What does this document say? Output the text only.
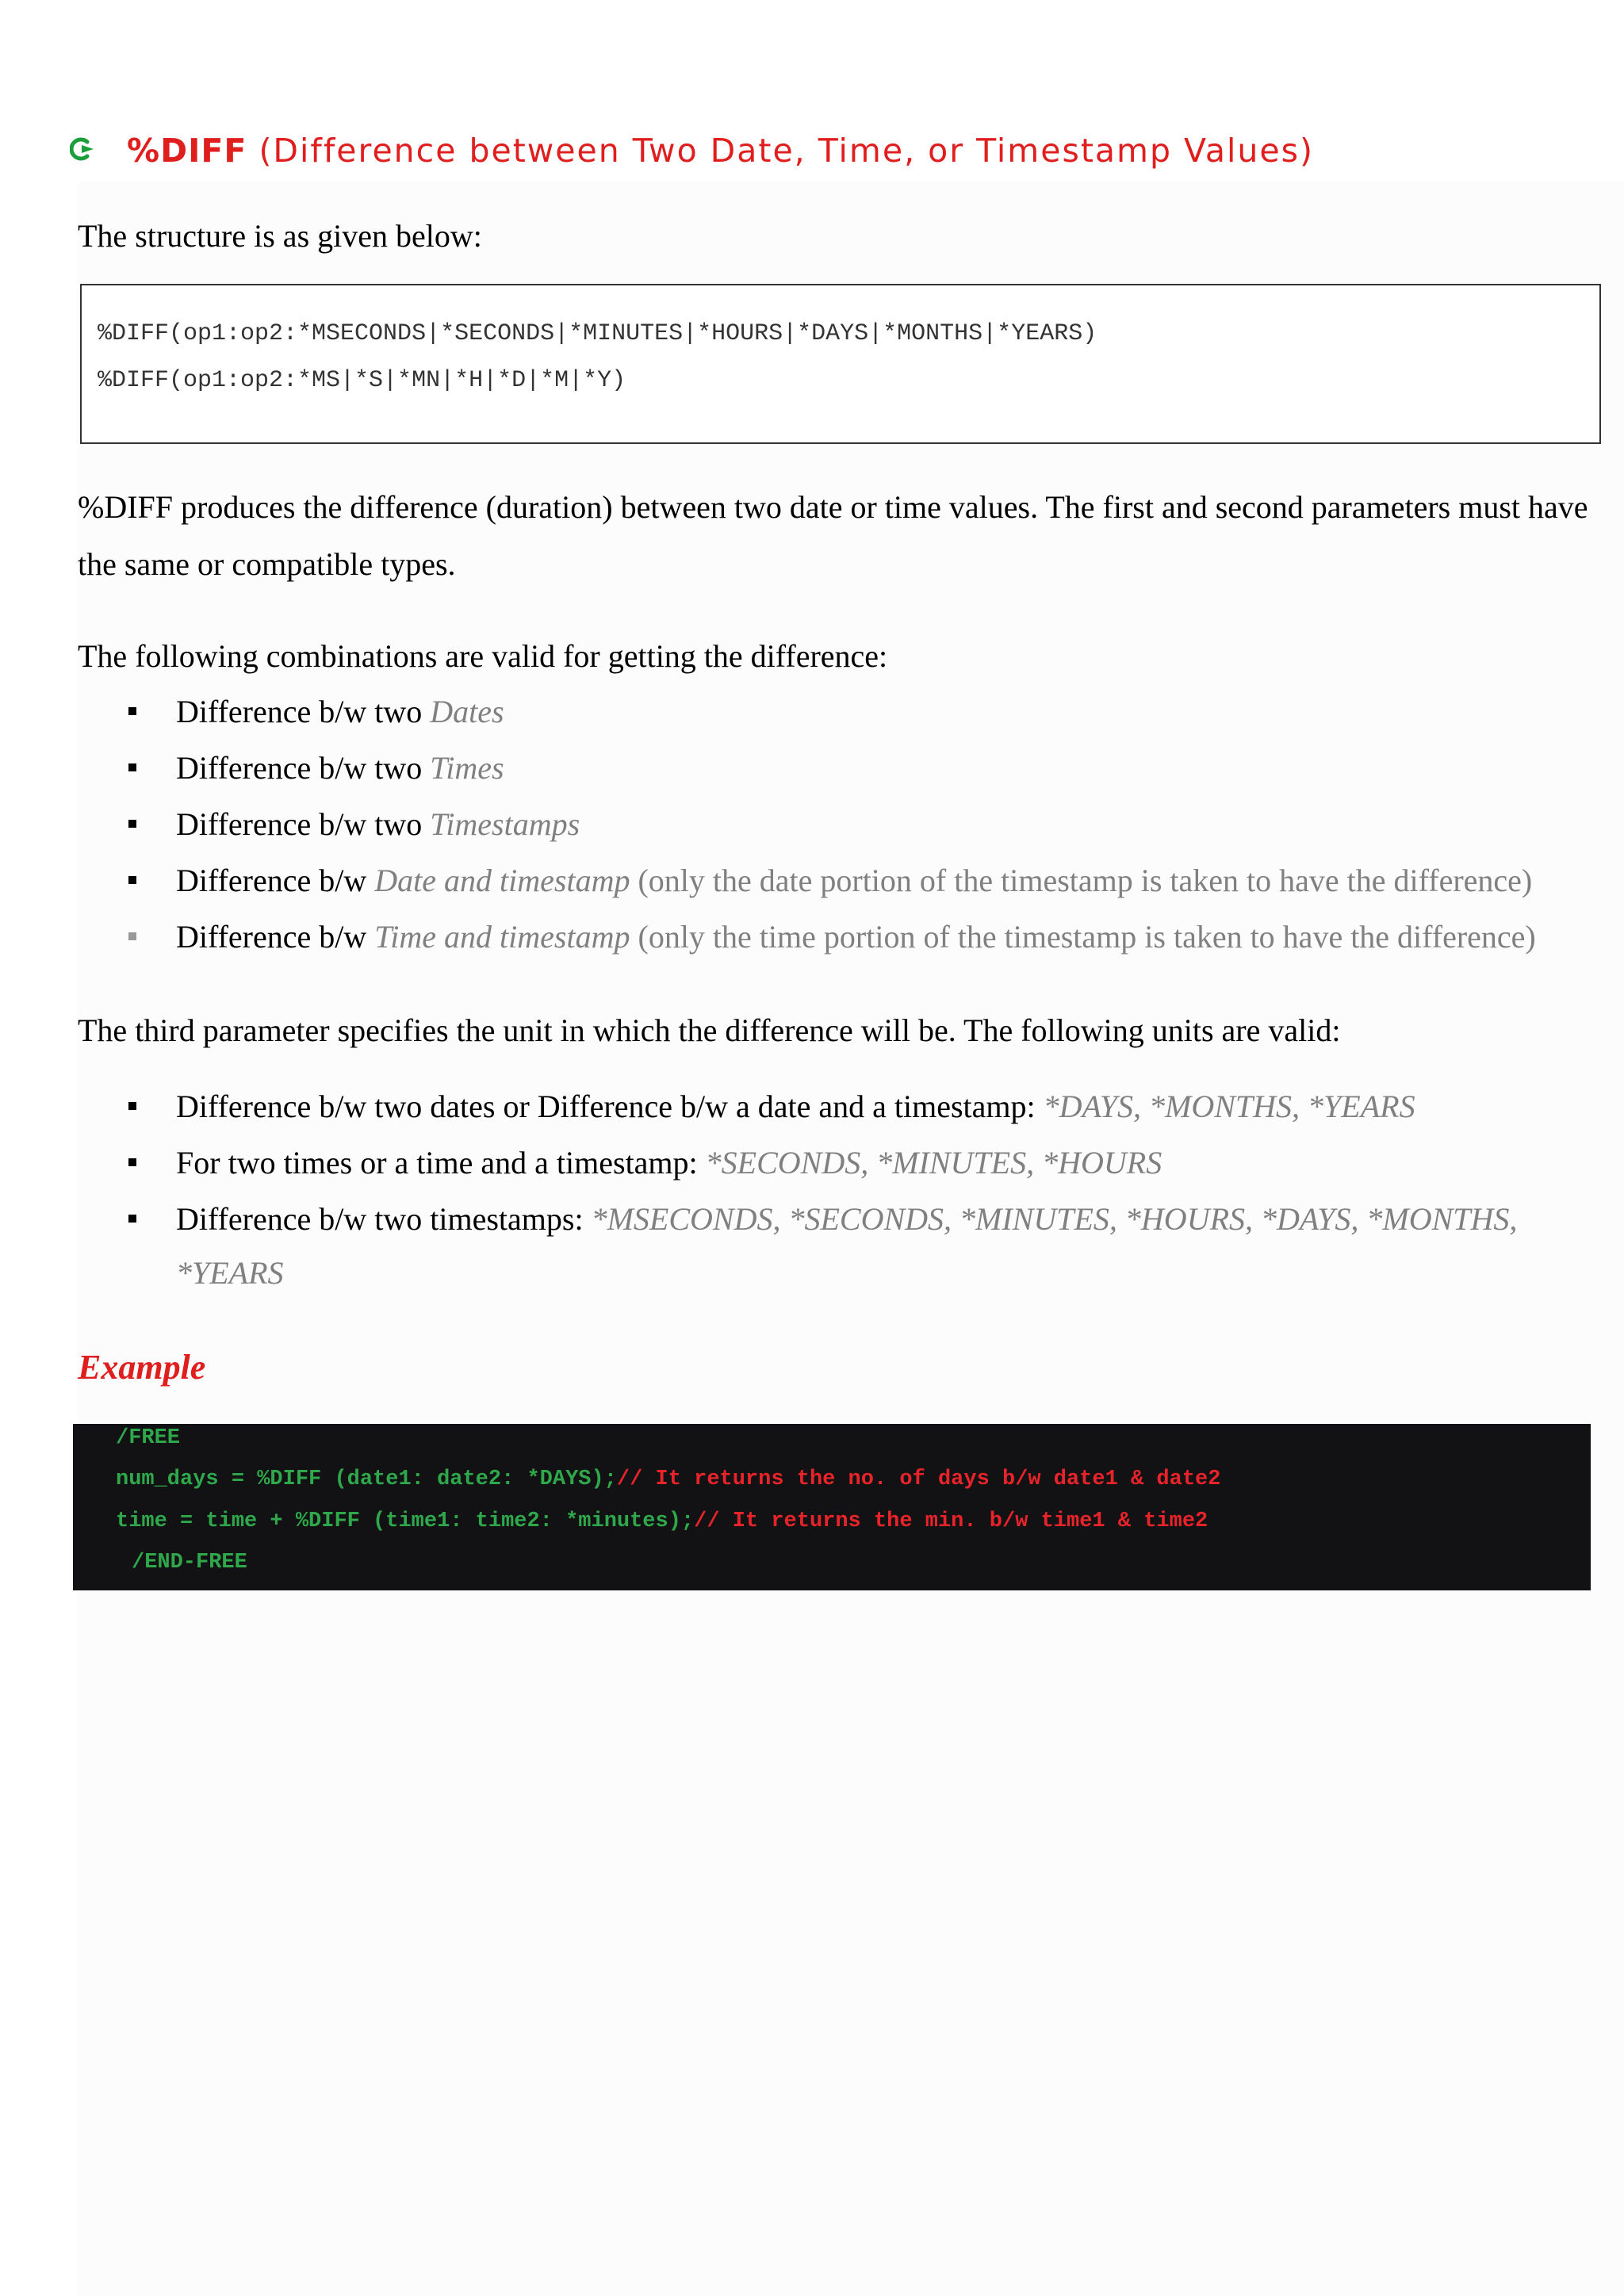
%DIFF (Difference between Two Date, Time, or Timestamp Values)

The structure is as given below:

%DIFF(op1:op2:*MSECONDS|*SECONDS|*MINUTES|*HOURS|*DAYS|*MONTHS|*YEARS)
%DIFF(op1:op2:*MS|*S|*MN|*H|*D|*M|*Y)

%DIFF produces the difference (duration) between two date or time values. The first and second parameters must have the same or compatible types.

The following combinations are valid for getting the difference:

Difference b/w two Dates
Difference b/w two Times
Difference b/w two Timestamps
Difference b/w Date and timestamp (only the date portion of the timestamp is taken to have the difference)
Difference b/w Time and timestamp (only the time portion of the timestamp is taken to have the difference)

The third parameter specifies the unit in which the difference will be. The following units are valid:

Difference b/w two dates or Difference b/w a date and a timestamp: *DAYS, *MONTHS, *YEARS
For two times or a time and a timestamp: *SECONDS, *MINUTES, *HOURS
Difference b/w two timestamps: *MSECONDS, *SECONDS, *MINUTES, *HOURS, *DAYS, *MONTHS,
*YEARS
Example
/FREE
num_days = %DIFF (date1: date2: *DAYS);// It returns the no. of days b/w date1 & date2
time = time + %DIFF (time1: time2: *minutes);// It returns the min. b/w time1 & time2
/END-FREE
